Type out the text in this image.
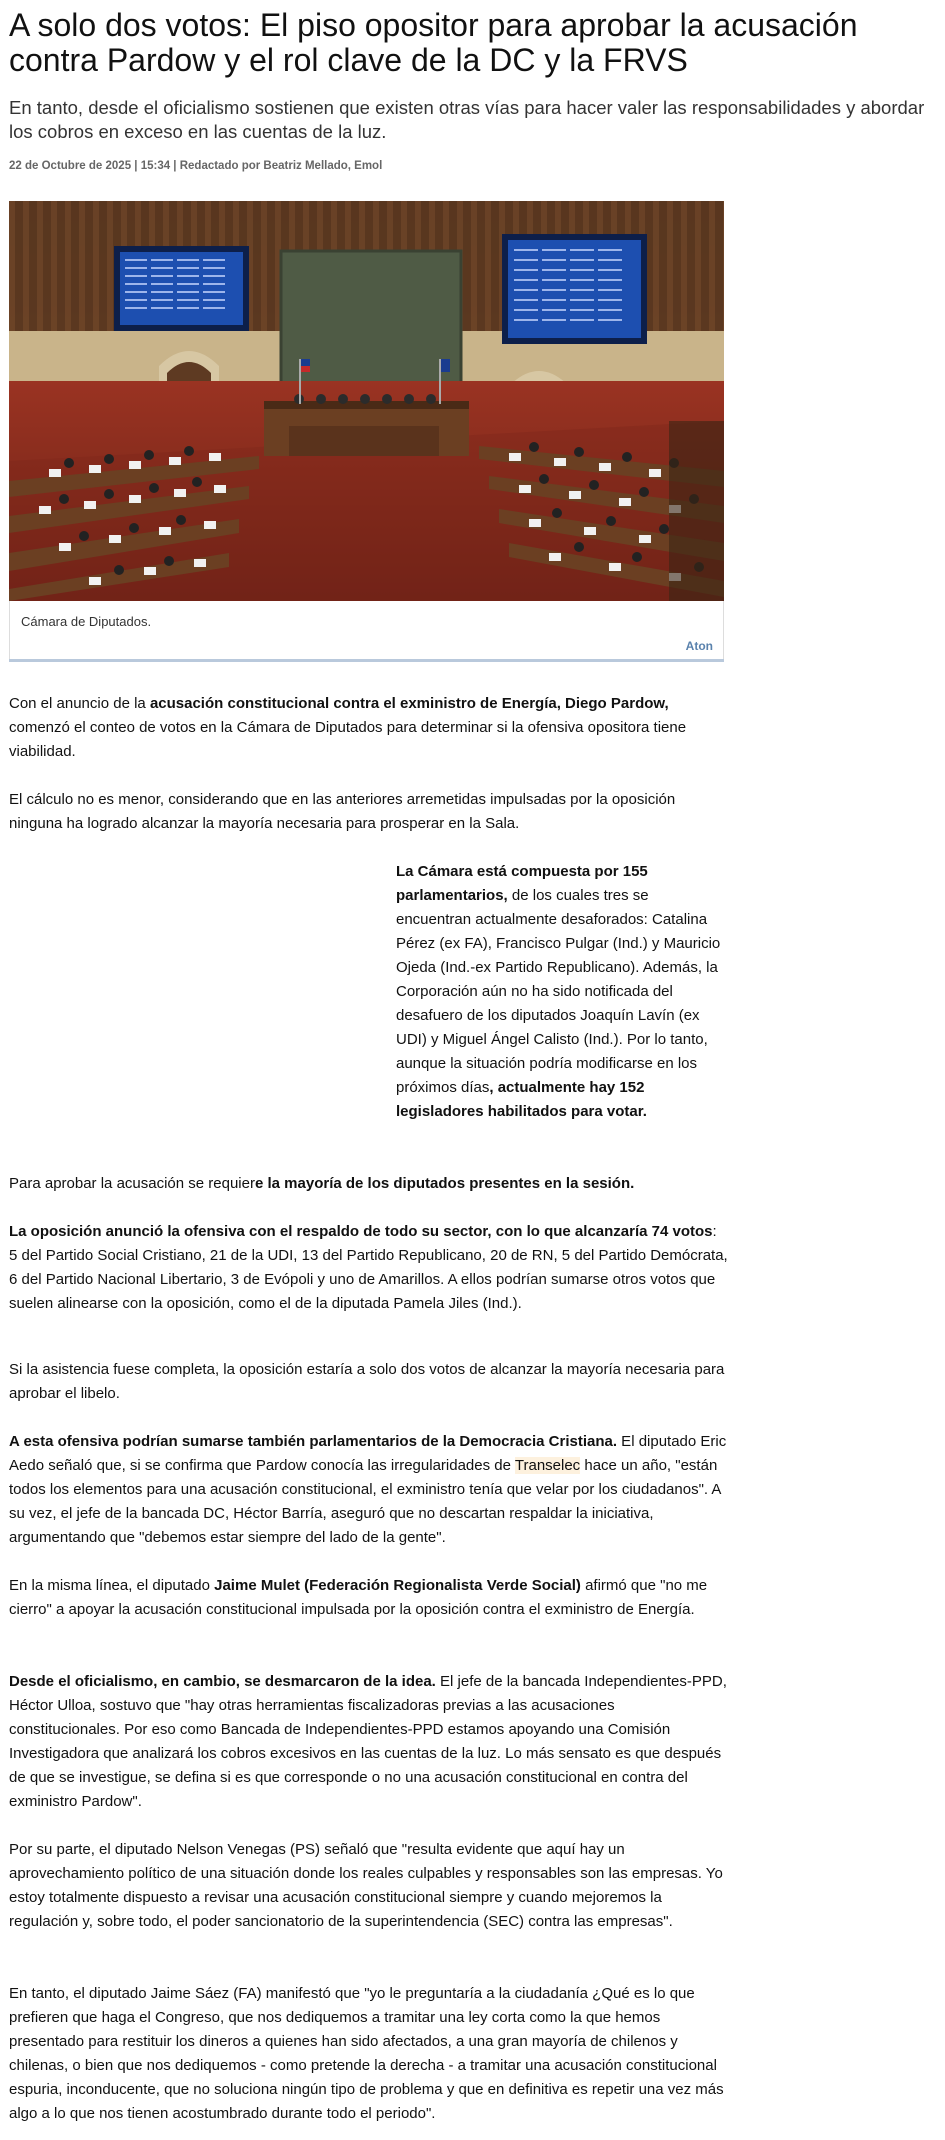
A solo dos votos: El piso opositor para aprobar la acusación contra Pardow y el rol clave de la DC y la FRVS

En tanto, desde el oficialismo sostienen que existen otras vías para hacer valer las responsabilidades y abordar los cobros en exceso en las cuentas de la luz.

22 de Octubre de 2025 | 15:34 | Redactado por Beatriz Mellado, Emol
Cámara de Diputados.
Aton

Con el anuncio de la acusación constitucional contra el exministro de Energía, Diego Pardow, comenzó el conteo de votos en la Cámara de Diputados para determinar si la ofensiva opositora tiene viabilidad.

El cálculo no es menor, considerando que en las anteriores arremetidas impulsadas por la oposición ninguna ha logrado alcanzar la mayoría necesaria para prosperar en la Sala.

La Cámara está compuesta por 155 parlamentarios, de los cuales tres se encuentran actualmente desaforados: Catalina Pérez (ex FA), Francisco Pulgar (Ind.) y Mauricio Ojeda (Ind.-ex Partido Republicano). Además, la Corporación aún no ha sido notificada del desafuero de los diputados Joaquín Lavín (ex UDI) y Miguel Ángel Calisto (Ind.). Por lo tanto, aunque la situación podría modificarse en los próximos días, actualmente hay 152 legisladores habilitados para votar.

Para aprobar la acusación se requiere la mayoría de los diputados presentes en la sesión.

La oposición anunció la ofensiva con el respaldo de todo su sector, con lo que alcanzaría 74 votos: 5 del Partido Social Cristiano, 21 de la UDI, 13 del Partido Republicano, 20 de RN, 5 del Partido Demócrata, 6 del Partido Nacional Libertario, 3 de Evópoli y uno de Amarillos. A ellos podrían sumarse otros votos que suelen alinearse con la oposición, como el de la diputada Pamela Jiles (Ind.).

Si la asistencia fuese completa, la oposición estaría a solo dos votos de alcanzar la mayoría necesaria para aprobar el libelo.

A esta ofensiva podrían sumarse también parlamentarios de la Democracia Cristiana. El diputado Eric Aedo señaló que, si se confirma que Pardow conocía las irregularidades de Transelec hace un año, "están todos los elementos para una acusación constitucional, el exministro tenía que velar por los ciudadanos". A su vez, el jefe de la bancada DC, Héctor Barría, aseguró que no descartan respaldar la iniciativa, argumentando que "debemos estar siempre del lado de la gente".

En la misma línea, el diputado Jaime Mulet (Federación Regionalista Verde Social) afirmó que "no me cierro" a apoyar la acusación constitucional impulsada por la oposición contra el exministro de Energía.

Desde el oficialismo, en cambio, se desmarcaron de la idea. El jefe de la bancada Independientes-PPD, Héctor Ulloa, sostuvo que "hay otras herramientas fiscalizadoras previas a las acusaciones constitucionales. Por eso como Bancada de Independientes-PPD estamos apoyando una Comisión Investigadora que analizará los cobros excesivos en las cuentas de la luz. Lo más sensato es que después de que se investigue, se defina si es que corresponde o no una acusación constitucional en contra del exministro Pardow".

Por su parte, el diputado Nelson Venegas (PS) señaló que "resulta evidente que aquí hay un aprovechamiento político de una situación donde los reales culpables y responsables son las empresas. Yo estoy totalmente dispuesto a revisar una acusación constitucional siempre y cuando mejoremos la regulación y, sobre todo, el poder sancionatorio de la superintendencia (SEC) contra las empresas".

En tanto, el diputado Jaime Sáez (FA) manifestó que "yo le preguntaría a la ciudadanía ¿Qué es lo que prefieren que haga el Congreso, que nos dediquemos a tramitar una ley corta como la que hemos presentado para restituir los dineros a quienes han sido afectados, a una gran mayoría de chilenos y chilenas, o bien que nos dediquemos - como pretende la derecha - a tramitar una acusación constitucional espuria, inconducente, que no soluciona ningún tipo de problema y que en definitiva es repetir una vez más algo a lo que nos tienen acostumbrado durante todo el periodo".
